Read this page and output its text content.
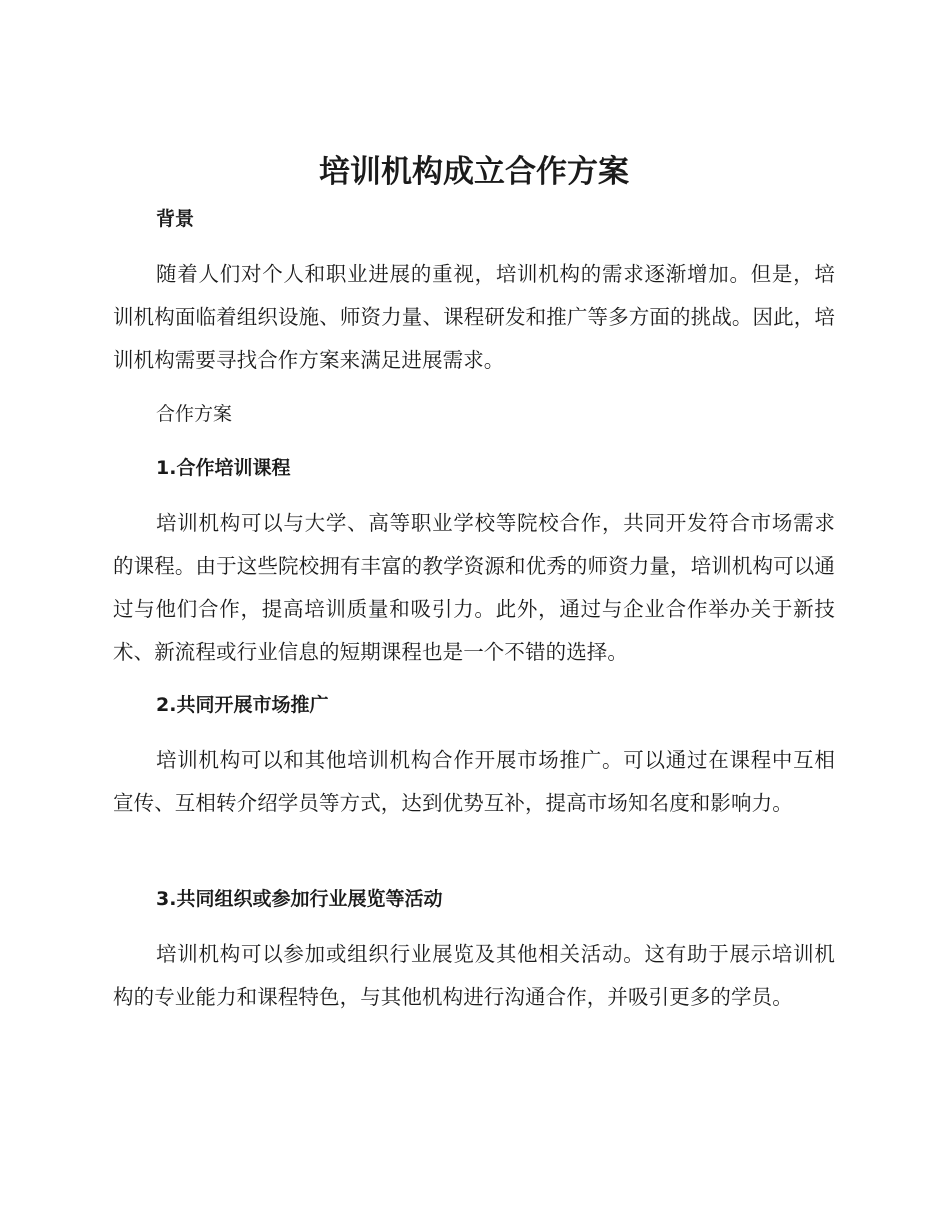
培训机构成立合作方案
背景

随着人们对个人和职业进展的重视，培训机构的需求逐渐增加。但是，培训机构面临着组织设施、师资力量、课程研发和推广等多方面的挑战。因此，培训机构需要寻找合作方案来满足进展需求。

合作方案
1.合作培训课程

培训机构可以与大学、高等职业学校等院校合作，共同开发符合市场需求的课程。由于这些院校拥有丰富的教学资源和优秀的师资力量，培训机构可以通过与他们合作，提高培训质量和吸引力。此外，通过与企业合作举办关于新技术、新流程或行业信息的短期课程也是一个不错的选择。

2.共同开展市场推广

培训机构可以和其他培训机构合作开展市场推广。可以通过在课程中互相宣传、互相转介绍学员等方式，达到优势互补，提高市场知名度和影响力。

3.共同组织或参加行业展览等活动

培训机构可以参加或组织行业展览及其他相关活动。这有助于展示培训机构的专业能力和课程特色，与其他机构进行沟通合作，并吸引更多的学员。
